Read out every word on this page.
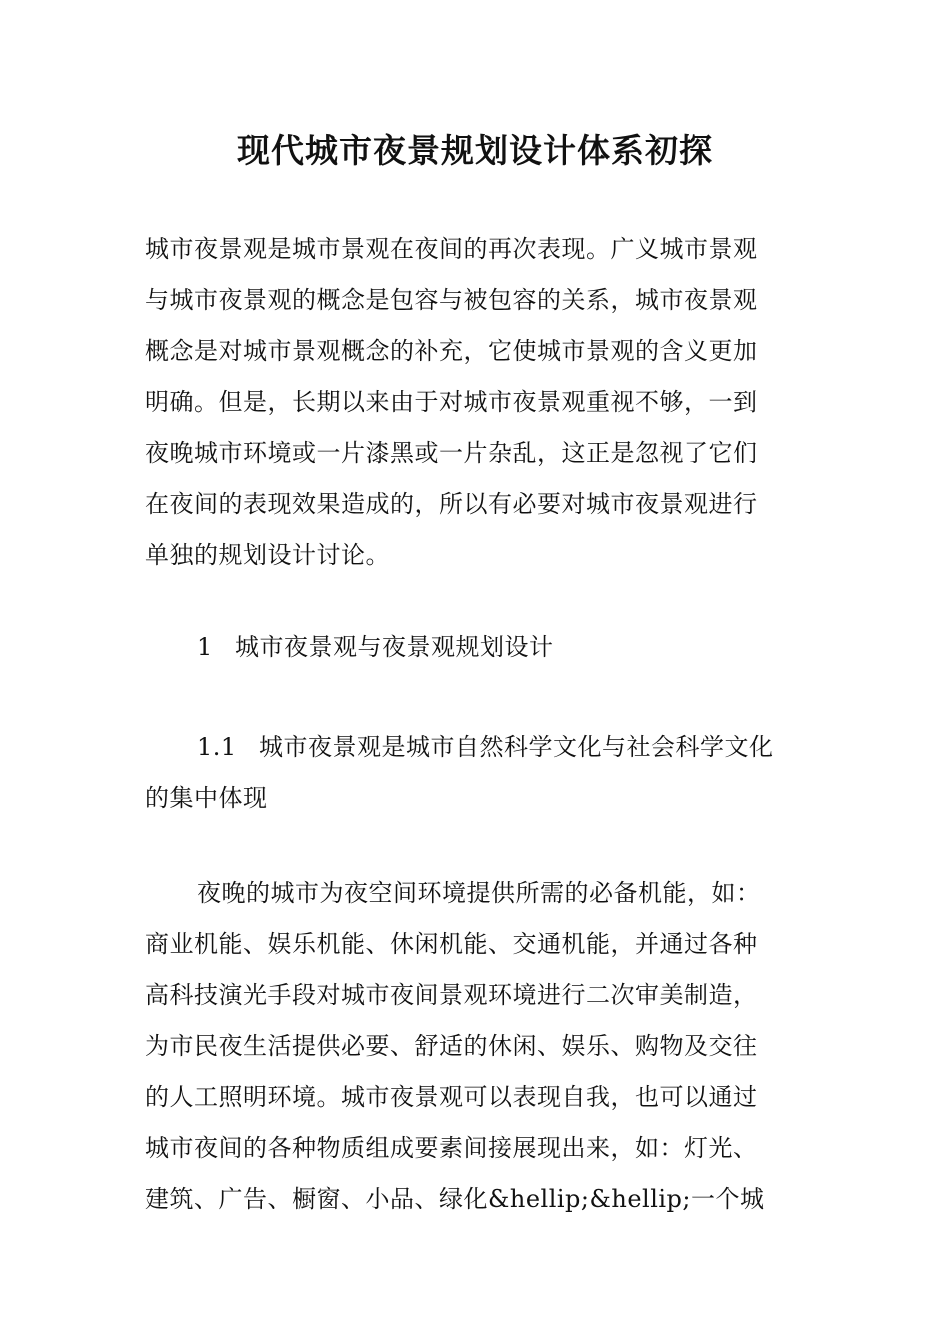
现代城市夜景规划设计体系初探
城市夜景观是城市景观在夜间的再次表现。广义城市景观
与城市夜景观的概念是包容与被包容的关系，城市夜景观
概念是对城市景观概念的补充，它使城市景观的含义更加
明确。但是，长期以来由于对城市夜景观重视不够，一到
夜晚城市环境或一片漆黑或一片杂乱，这正是忽视了它们
在夜间的表现效果造成的，所以有必要对城市夜景观进行
单独的规划设计讨论。
1 城市夜景观与夜景观规划设计
1.1 城市夜景观是城市自然科学文化与社会科学文化
的集中体现
夜晚的城市为夜空间环境提供所需的必备机能，如：
商业机能、娱乐机能、休闲机能、交通机能，并通过各种
高科技演光手段对城市夜间景观环境进行二次审美制造，
为市民夜生活提供必要、舒适的休闲、娱乐、购物及交往
的人工照明环境。城市夜景观可以表现自我，也可以通过
城市夜间的各种物质组成要素间接展现出来，如：灯光、
建筑、广告、橱窗、小品、绿化&hellip;&hellip;一个城
